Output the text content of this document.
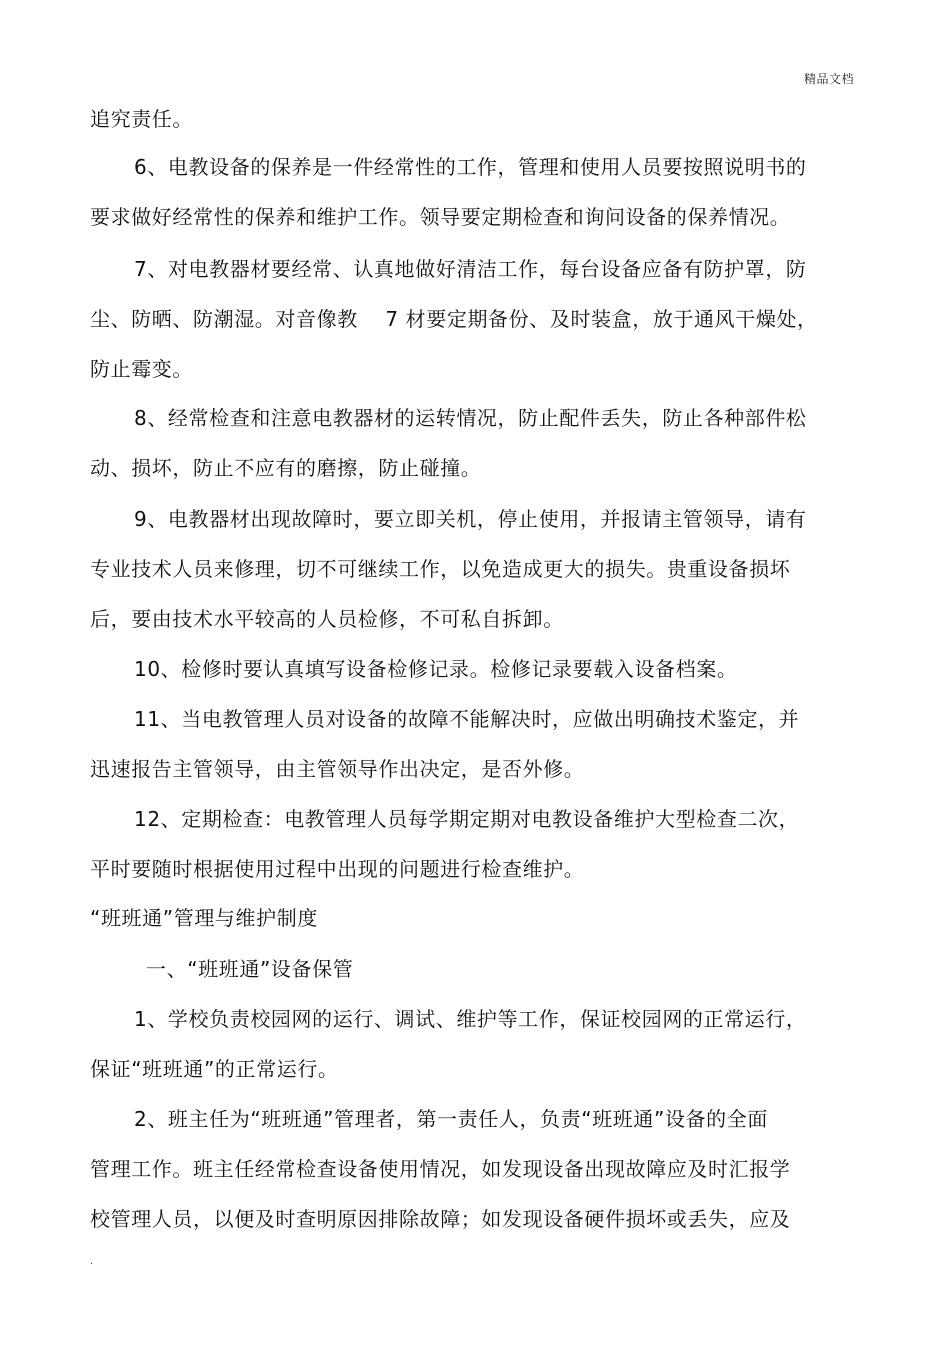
精品文档
追究责任。
6、电教设备的保养是一件经常性的工作，管理和使用人员要按照说明书的
要求做好经常性的保养和维护工作。领导要定期检查和询问设备的保养情况。
7、对电教器材要经常、认真地做好清洁工作，每台设备应备有防护罩，防
尘、防晒、防潮湿。对音像教　 7 材要定期备份、及时装盒，放于通风干燥处，
防止霉变。
8、经常检查和注意电教器材的运转情况，防止配件丢失，防止各种部件松
动、损坏，防止不应有的磨擦，防止碰撞。
9、电教器材出现故障时，要立即关机，停止使用，并报请主管领导，请有
专业技术人员来修理，切不可继续工作，以免造成更大的损失。贵重设备损坏
后，要由技术水平较高的人员检修，不可私自拆卸。
10、检修时要认真填写设备检修记录。检修记录要载入设备档案。
11、当电教管理人员对设备的故障不能解决时，应做出明确技术鉴定，并
迅速报告主管领导，由主管领导作出决定，是否外修。
12、定期检查：电教管理人员每学期定期对电教设备维护大型检查二次，
平时要随时根据使用过程中出现的问题进行检查维护。
“班班通”管理与维护制度
一、“班班通”设备保管
1、学校负责校园网的运行、调试、维护等工作，保证校园网的正常运行，
保证“班班通”的正常运行。
2、班主任为“班班通”管理者，第一责任人，负责“班班通”设备的全面
管理工作。班主任经常检查设备使用情况，如发现设备出现故障应及时汇报学
校管理人员，以便及时查明原因排除故障；如发现设备硬件损坏或丢失，应及
.
